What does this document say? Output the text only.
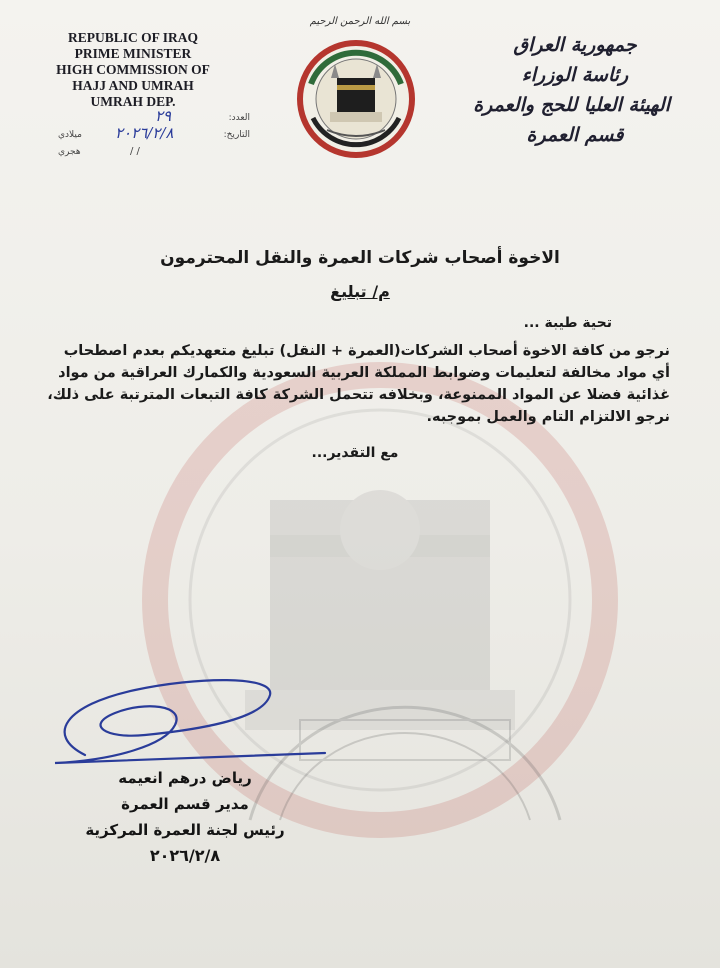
REPUBLIC OF IRAQ
PRIME MINISTER
HIGH COMMISSION OF
HAJJ AND UMRAH
UMRAH DEP.
العدد:
٢٩
التاريخ:
٢٠٢٦/٢/٨
ميلادي
/ /
هجري
بسم الله الرحمن الرحيم
جمهورية العراق
رئاسة الوزراء
الهيئة العليا للحج والعمرة
قسم العمرة
الاخوة أصحاب شركات العمرة والنقل المحترمون
م/ تبليغ
تحية طيبة ...
نرجو من كافة الاخوة أصحاب الشركات(العمرة + النقل) تبليغ متعهديكم بعدم اصطحاب
أي مواد مخالفة لتعليمات وضوابط المملكة العربية السعودية والكمارك العراقية من مواد
غذائية فضلا عن المواد الممنوعة، وبخلافه تتحمل الشركة كافة التبعات المترتبة على ذلك،
نرجو الالتزام التام والعمل بموجبه.
مع التقدير...
رياض درهم انعيمه
مدير قسم العمرة
رئيس لجنة العمرة المركزية
٢٠٢٦/٢/٨
